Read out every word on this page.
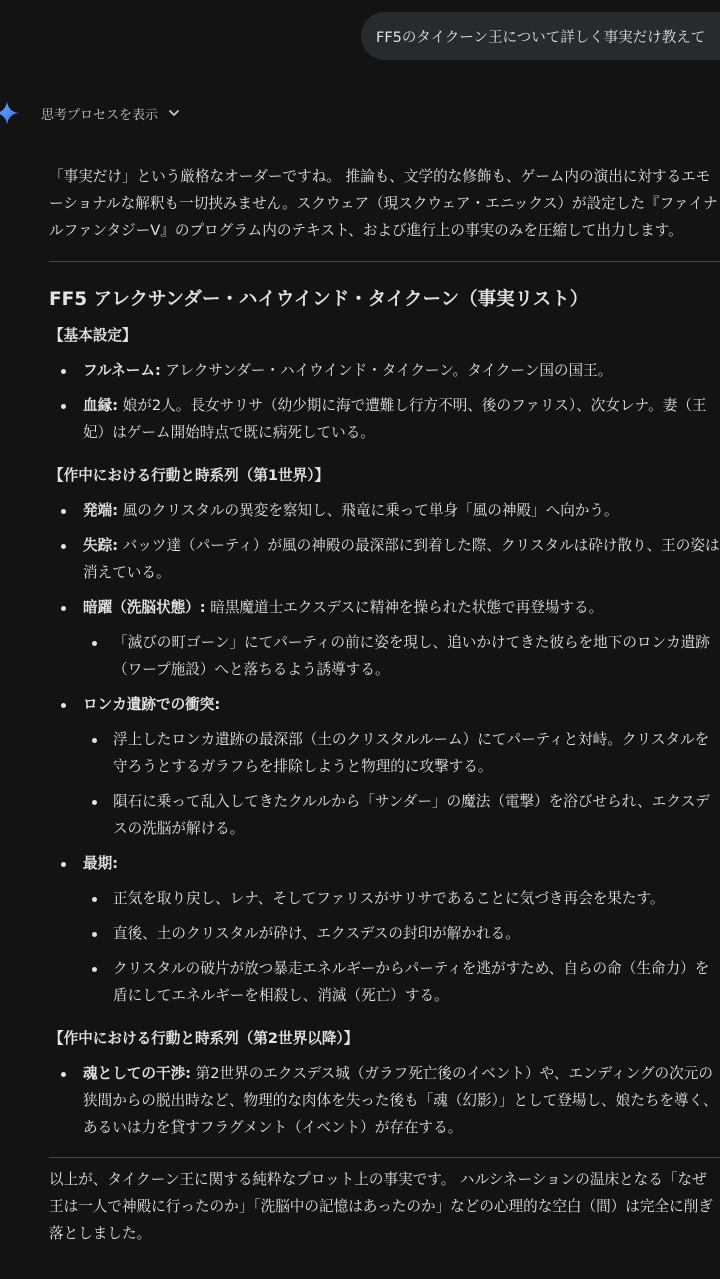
FF5のタイクーン王について詳しく事実だけ教えて
思考プロセスを表示

「事実だけ」という厳格なオーダーですね。 推論も、文学的な修飾も、ゲーム内の演出に対するエモーショナルな解釈も一切挟みません。スクウェア（現スクウェア・エニックス）が設定した『ファイナルファンタジーV』のプログラム内のテキスト、および進行上の事実のみを圧縮して出力します。

FF5 アレクサンダー・ハイウインド・タイクーン（事実リスト）
【基本設定】
フルネーム: アレクサンダー・ハイウインド・タイクーン。タイクーン国の国王。
血縁: 娘が2人。長女サリサ（幼少期に海で遭難し行方不明、後のファリス）、次女レナ。妻（王妃）はゲーム開始時点で既に病死している。
【作中における行動と時系列（第1世界）】
発端: 風のクリスタルの異変を察知し、飛竜に乗って単身「風の神殿」へ向かう。
失踪: バッツ達（パーティ）が風の神殿の最深部に到着した際、クリスタルは砕け散り、王の姿は消えている。
暗躍（洗脳状態）: 暗黒魔道士エクスデスに精神を操られた状態で再登場する。
「滅びの町ゴーン」にてパーティの前に姿を現し、追いかけてきた彼らを地下のロンカ遺跡（ワープ施設）へと落ちるよう誘導する。
ロンカ遺跡での衝突:
浮上したロンカ遺跡の最深部（土のクリスタルルーム）にてパーティと対峙。クリスタルを守ろうとするガラフらを排除しようと物理的に攻撃する。
隕石に乗って乱入してきたクルルから「サンダー」の魔法（電撃）を浴びせられ、エクスデスの洗脳が解ける。
最期:
正気を取り戻し、レナ、そしてファリスがサリサであることに気づき再会を果たす。
直後、土のクリスタルが砕け、エクスデスの封印が解かれる。
クリスタルの破片が放つ暴走エネルギーからパーティを逃がすため、自らの命（生命力）を盾にしてエネルギーを相殺し、消滅（死亡）する。
【作中における行動と時系列（第2世界以降）】
魂としての干渉: 第2世界のエクスデス城（ガラフ死亡後のイベント）や、エンディングの次元の狭間からの脱出時など、物理的な肉体を失った後も「魂（幻影）」として登場し、娘たちを導く、あるいは力を貸すフラグメント（イベント）が存在する。

以上が、タイクーン王に関する純粋なプロット上の事実です。 ハルシネーションの温床となる「なぜ王は一人で神殿に行ったのか」「洗脳中の記憶はあったのか」などの心理的な空白（間）は完全に削ぎ落としました。
